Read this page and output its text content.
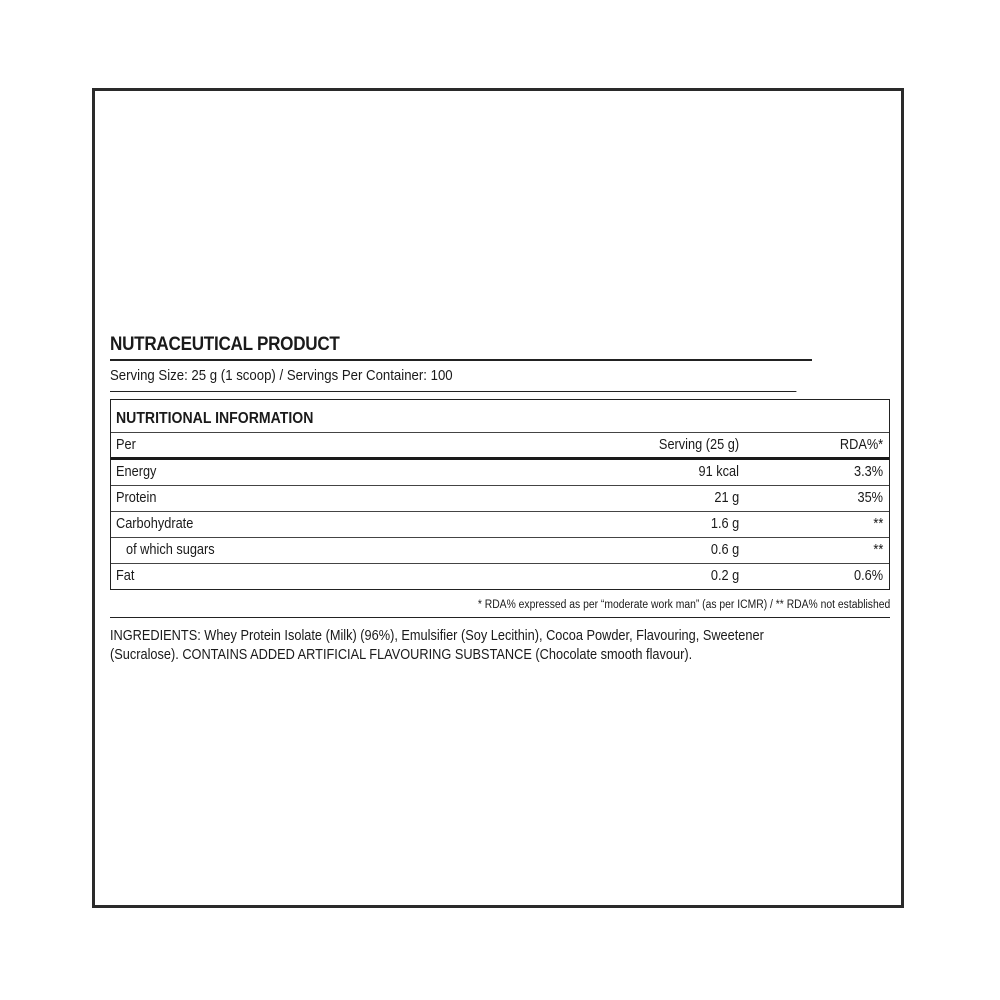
NUTRACEUTICAL PRODUCT
Serving Size: 25 g (1 scoop) / Servings Per Container: 100
NUTRITIONAL INFORMATION
Per	Serving (25 g)	RDA%*
Energy	91 kcal	3.3%
Protein	21 g	35%
Carbohydrate	1.6 g	**
of which sugars	0.6 g	**
Fat	0.2 g	0.6%
* RDA% expressed as per “moderate work man” (as per ICMR) / ** RDA% not established
INGREDIENTS: Whey Protein Isolate (Milk) (96%), Emulsifier (Soy Lecithin), Cocoa Powder, Flavouring, Sweetener
(Sucralose). CONTAINS ADDED ARTIFICIAL FLAVOURING SUBSTANCE (Chocolate smooth flavour).
